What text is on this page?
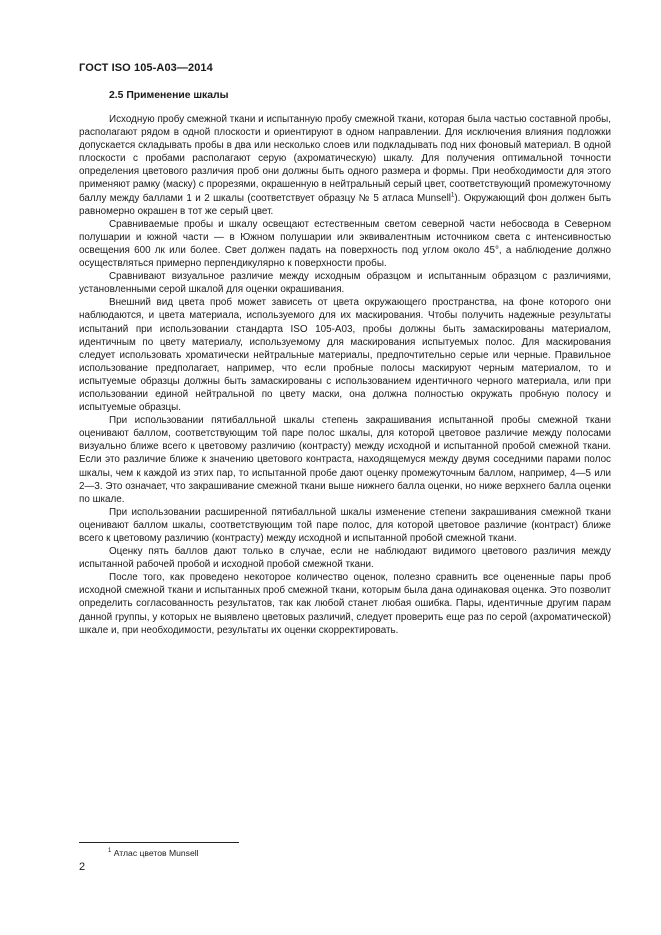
ГОСТ ISO 105-A03—2014
2.5 Применение шкалы

Исходную пробу смежной ткани и испытанную пробу смежной ткани, которая была частью составной пробы, располагают рядом в одной плоскости и ориентируют в одном направлении. Для исключения влияния подложки допускается складывать пробы в два или несколько слоев или подкладывать под них фоновый материал. В одной плоскости с пробами располагают серую (ахроматическую) шкалу. Для получения оптимальной точности определения цветового различия проб они должны быть одного размера и формы. При необходимости для этого применяют рамку (маску) с прорезями, окрашенную в нейтральный серый цвет, соответствующий промежуточному баллу между баллами 1 и 2 шкалы (соответствует образцу № 5 атласа Munsell$^1$). Окружающий фон должен быть равномерно окрашен в тот же серый цвет.

Сравниваемые пробы и шкалу освещают естественным светом северной части небосвода в Северном полушарии и южной части — в Южном полушарии или эквивалентным источником света с интенсивностью освещения 600 лк или более. Свет должен падать на поверхность под углом около 45°, а наблюдение должно осуществляться примерно перпендикулярно к поверхности пробы.

Сравнивают визуальное различие между исходным образцом и испытанным образцом с различиями, установленными серой шкалой для оценки окрашивания.

Внешний вид цвета проб может зависеть от цвета окружающего пространства, на фоне которого они наблюдаются, и цвета материала, используемого для их маскирования. Чтобы получить надежные результаты испытаний при использовании стандарта ISO 105-A03, пробы должны быть замаскированы материалом, идентичным по цвету материалу, используемому для маскирования испытуемых полос. Для маскирования следует использовать хроматически нейтральные материалы, предпочтительно серые или черные. Правильное использование предполагает, например, что если пробные полосы маскируют черным материалом, то и испытуемые образцы должны быть замаскированы с использованием идентичного черного материала, или при использовании единой нейтральной по цвету маски, она должна полностью окружать пробную полосу и испытуемые образцы.

При использовании пятибалльной шкалы степень закрашивания испытанной пробы смежной ткани оценивают баллом, соответствующим той паре полос шкалы, для которой цветовое различие между полосами визуально ближе всего к цветовому различию (контрасту) между исходной и испытанной пробой смежной ткани. Если это различие ближе к значению цветового контраста, находящемуся между двумя соседними парами полос шкалы, чем к каждой из этих пар, то испытанной пробе дают оценку промежуточным баллом, например, 4—5 или 2—3. Это означает, что закрашивание смежной ткани выше нижнего балла оценки, но ниже верхнего балла оценки по шкале.

При использовании расширенной пятибалльной шкалы изменение степени закрашивания смежной ткани оценивают баллом шкалы, соответствующим той паре полос, для которой цветовое различие (контраст) ближе всего к цветовому различию (контрасту) между исходной и испытанной пробой смежной ткани.

Оценку пять баллов дают только в случае, если не наблюдают видимого цветового различия между испытанной рабочей пробой и исходной пробой смежной ткани.

После того, как проведено некоторое количество оценок, полезно сравнить все оцененные пары проб исходной смежной ткани и испытанных проб смежной ткани, которым была дана одинаковая оценка. Это позволит определить согласованность результатов, так как любой станет любая ошибка. Пары, идентичные другим парам данной группы, у которых не выявлено цветовых различий, следует проверить еще раз по серой (ахроматической) шкале и, при необходимости, результаты их оценки скорректировать.

$^1$ Атлас цветов Munsell
2
